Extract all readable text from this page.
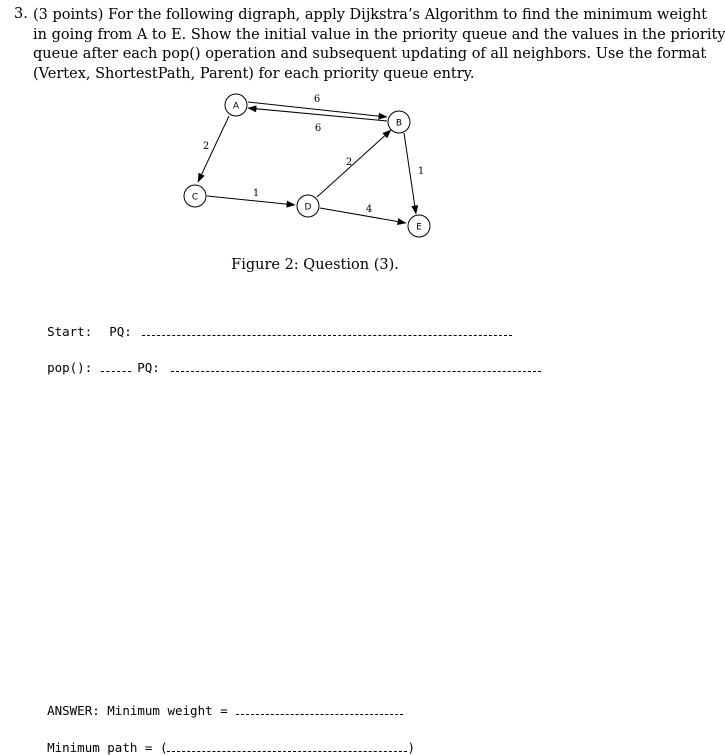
3. (3 points) For the following digraph, apply Dijkstra’s Algorithm to find the minimum weight
in going from A to E. Show the initial value in the priority queue and the values in the priority
queue after each pop() operation and subsequent updating of all neighbors. Use the format
(Vertex, ShortestPath, Parent) for each priority queue entry.
6
6
2
1
2
1
4
A
B
C
D
E
Figure 2: Question (3).

Start: PQ:

pop():	PQ:

ANSWER: Minimum weight =

Minimum path = (	)
